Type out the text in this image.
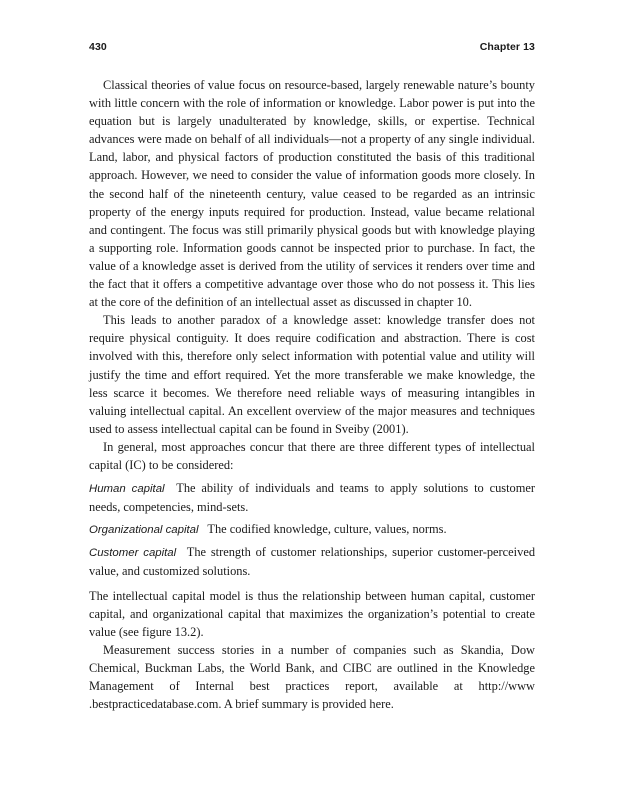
430	Chapter 13

Classical theories of value focus on resource-based, largely renewable nature’s bounty with little concern with the role of information or knowledge. Labor power is put into the equation but is largely unadulterated by knowledge, skills, or expertise. Technical advances were made on behalf of all individuals—not a property of any single individual. Land, labor, and physical factors of production constituted the basis of this traditional approach. However, we need to consider the value of information goods more closely. In the second half of the nineteenth century, value ceased to be regarded as an intrinsic property of the energy inputs required for production. Instead, value became relational and contingent. The focus was still primarily physical goods but with knowledge playing a supporting role. Information goods cannot be inspected prior to purchase. In fact, the value of a knowledge asset is derived from the utility of services it renders over time and the fact that it offers a competitive advantage over those who do not possess it. This lies at the core of the definition of an intellectual asset as discussed in chapter 10.

This leads to another paradox of a knowledge asset: knowledge transfer does not require physical contiguity. It does require codification and abstraction. There is cost involved with this, therefore only select information with potential value and utility will justify the time and effort required. Yet the more transferable we make knowledge, the less scarce it becomes. We therefore need reliable ways of measuring intangibles in valuing intellectual capital. An excellent overview of the major measures and techniques used to assess intellectual capital can be found in Sveiby (2001).

In general, most approaches concur that there are three different types of intellectual capital (IC) to be considered:

Human capital The ability of individuals and teams to apply solutions to customer needs, competencies, mind-sets.

Organizational capital The codified knowledge, culture, values, norms.

Customer capital The strength of customer relationships, superior customer-perceived value, and customized solutions.

The intellectual capital model is thus the relationship between human capital, customer capital, and organizational capital that maximizes the organization’s potential to create value (see figure 13.2).

Measurement success stories in a number of companies such as Skandia, Dow Chemical, Buckman Labs, the World Bank, and CIBC are outlined in the Knowledge Management of Internal best practices report, available at http://www .bestpracticedatabase.com. A brief summary is provided here.
